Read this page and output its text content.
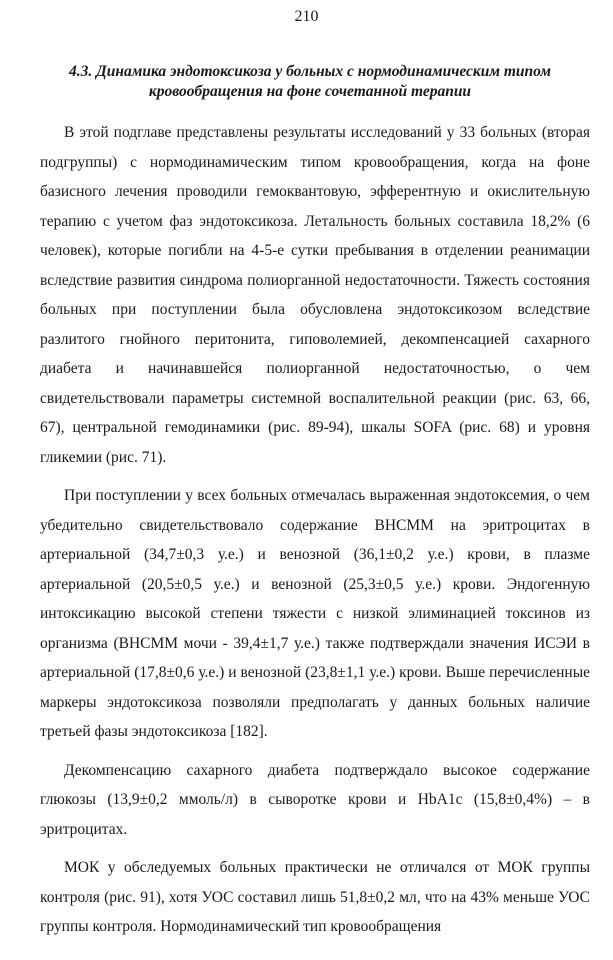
210
4.3. Динамика эндотоксикоза у больных с нормодинамическим типом
кровообращения на фоне сочетанной терапии

В этой подглаве представлены результаты исследований у 33 больных (вторая подгруппы) с нормодинамическим типом кровообращения, когда на фоне базисного лечения проводили гемоквантовую, эфферентную и окислительную терапию с учетом фаз эндотоксикоза. Летальность больных составила 18,2% (6 человек), которые погибли на 4-5-е сутки пребывания в отделении реанимации вследствие развития синдрома полиорганной недостаточности. Тяжесть состояния больных при поступлении была обусловлена эндотоксикозом вследствие разлитого гнойного перитонита, гиповолемией, декомпенсацией сахарного диабета и начинавшейся полиорганной недостаточностью, о чем свидетельствовали параметры системной воспалительной реакции (рис. 63, 66, 67), центральной гемодинамики (рис. 89-94), шкалы SOFA (рис. 68) и уровня гликемии (рис. 71).

При поступлении у всех больных отмечалась выраженная эндотоксемия, о чем убедительно свидетельствовало содержание ВНСММ на эритроцитах в артериальной (34,7±0,3 у.е.) и венозной (36,1±0,2 у.е.) крови, в плазме артериальной (20,5±0,5 у.е.) и венозной (25,3±0,5 у.е.) крови. Эндогенную интоксикацию высокой степени тяжести с низкой элиминацией токсинов из организма (ВНСММ мочи - 39,4±1,7 у.е.) также подтверждали значения ИСЭИ в артериальной (17,8±0,6 у.е.) и венозной (23,8±1,1 у.е.) крови. Выше перечисленные маркеры эндотоксикоза позволяли предполагать у данных больных наличие третьей фазы эндотоксикоза [182].

Декомпенсацию сахарного диабета подтверждало высокое содержание глюкозы (13,9±0,2 ммоль/л) в сыворотке крови и HbA1c (15,8±0,4%) – в эритроцитах.

МОК у обследуемых больных практически не отличался от МОК группы контроля (рис. 91), хотя УОС составил лишь 51,8±0,2 мл, что на 43% меньше УОС группы контроля. Нормодинамический тип кровообращения
